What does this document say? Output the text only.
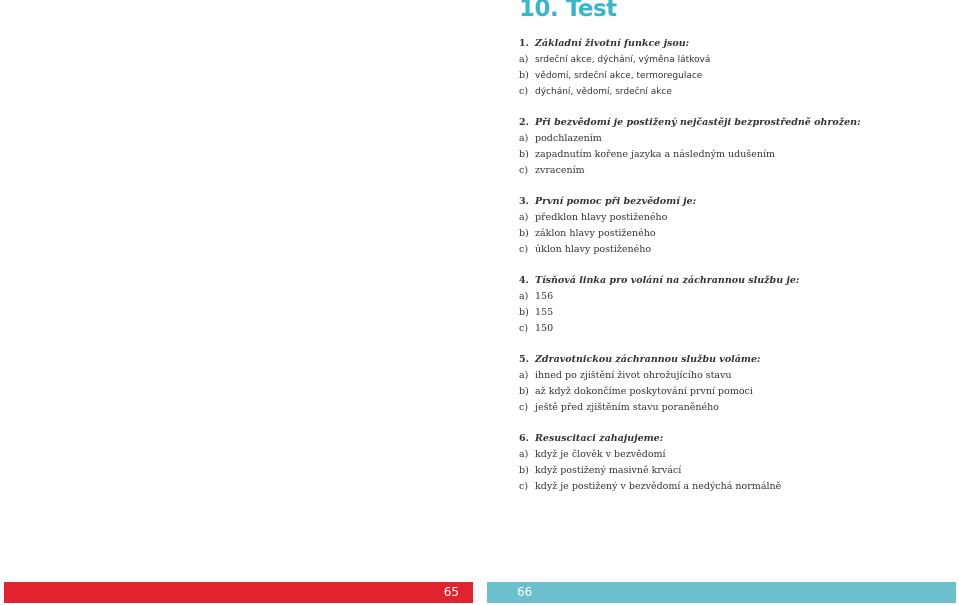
10. Test
1. Základní životní funkce jsou:
a) srdeční akce, dýchání, výměna látková
b) vědomí, srdeční akce, termoregulace
c) dýchání, vědomí, srdeční akce
2. Při bezvědomí je postižený nejčastěji bezprostředně ohrožen:
a) podchlazením
b) zapadnutím kořene jazyka a následným udušením
c) zvracením
3. První pomoc při bezvědomí je:
a) předklon hlavy postiženého
b) záklon hlavy postiženého
c) úklon hlavy postiženého
4. Tísňová linka pro volání na záchrannou službu je:
a) 156
b) 155
c) 150
5. Zdravotnickou záchrannou službu voláme:
a) ihned po zjištění život ohrožujícího stavu
b) až když dokončíme poskytování první pomoci
c) ještě před zjištěním stavu poraněného
6. Resuscitaci zahajujeme:
a) když je člověk v bezvědomí
b) když postižený masivně krvácí
c) když je postižený v bezvědomí a nedýchá normálně
65	66
